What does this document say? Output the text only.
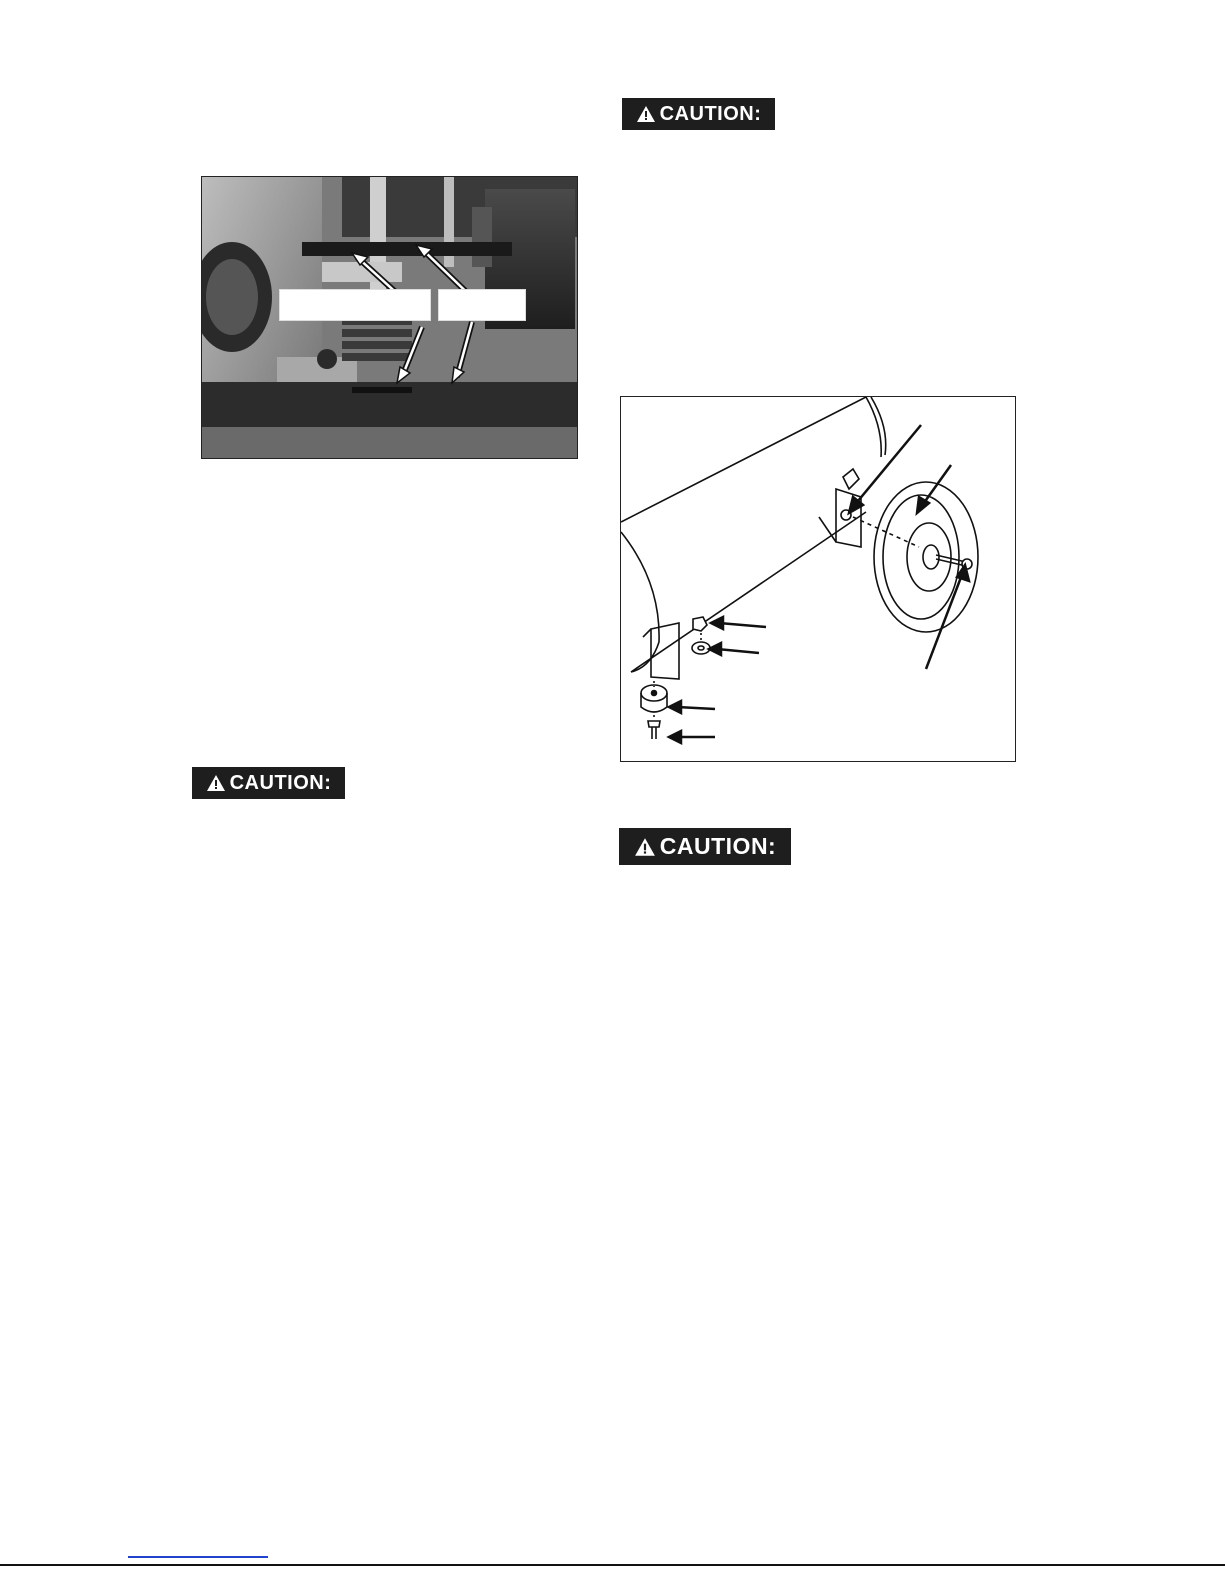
CAUTION:
CAUTION:
CAUTION:
